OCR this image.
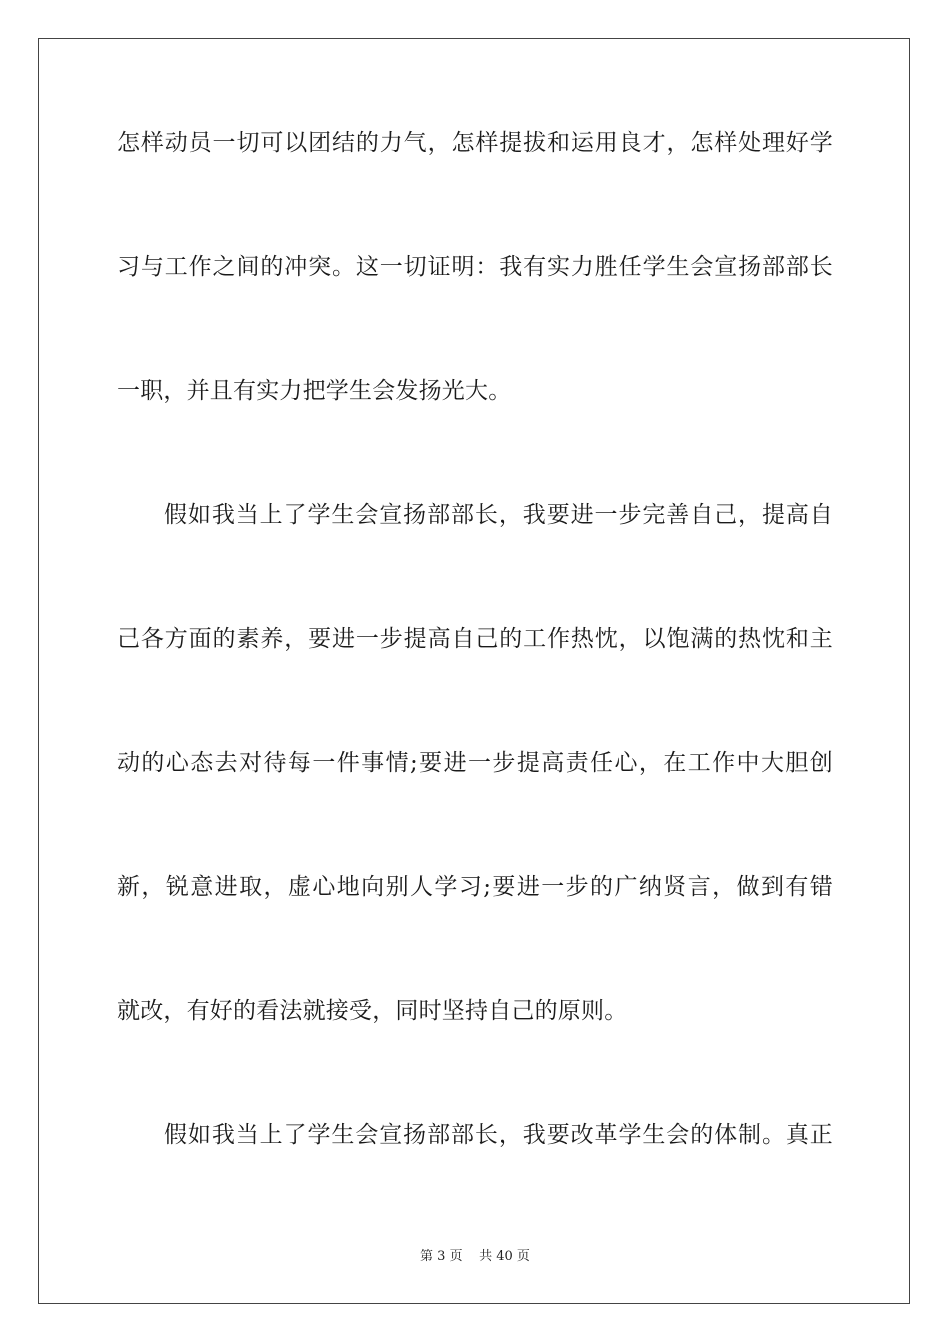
怎样动员一切可以团结的力气，怎样提拔和运用良才，怎样处理好学
习与工作之间的冲突。这一切证明：我有实力胜任学生会宣扬部部长
一职，并且有实力把学生会发扬光大。
假如我当上了学生会宣扬部部长，我要进一步完善自己，提高自
己各方面的素养，要进一步提高自己的工作热忱，以饱满的热忱和主
动的心态去对待每一件事情;要进一步提高责任心，在工作中大胆创
新，锐意进取，虚心地向别人学习;要进一步的广纳贤言，做到有错
就改，有好的看法就接受，同时坚持自己的原则。
假如我当上了学生会宣扬部部长，我要改革学生会的体制。真正
第 3 页 共 40 页
